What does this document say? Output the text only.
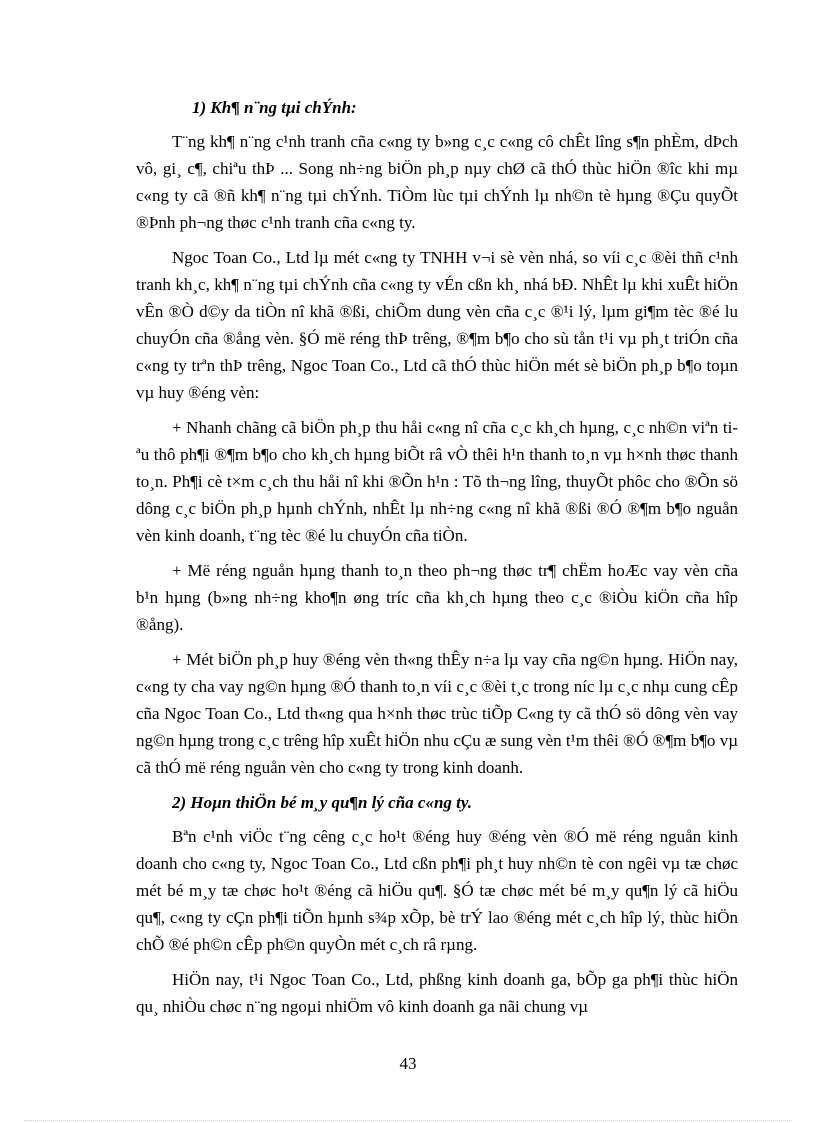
1) Kh¶ n¨ng tµi chÝnh:

T¨ng kh¶ n¨ng c¹nh tranh cña c«ng ty b»ng c¸c c«ng cô chÊt lîng s¶n phÈm, dÞch vô, gi¸ c¶, chiªu thÞ ... Song nh÷ng biÖn ph¸p nµy chØ cã thÓ thùc hiÖn ®îc khi mµ c«ng ty cã ®ñ kh¶ n¨ng tµi chÝnh. TiÒm lùc tµi chÝnh lµ nh©n tè hµng ®Çu quyÕt ®Þnh ph¬ng thøc c¹nh tranh cña c«ng ty.

Ngoc Toan Co., Ltd lµ mét c«ng ty TNHH v¬i sè vèn nhá, so víi c¸c ®èi thñ c¹nh tranh kh¸c, kh¶ n¨ng tµi chÝnh cña c«ng ty vÉn cßn kh¸ nhá bÐ. NhÊt lµ khi xuÊt hiÖn vÊn ®Ò d©y da tiÒn nî khã ®ßi, chiÕm dung vèn cña c¸c ®¹i lý, lµm gi¶m tèc ®é lu chuyÓn cña ®ång vèn. §Ó më réng thÞ trêng, ®¶m b¶o cho sù tån t¹i vµ ph¸t triÓn cña c«ng ty trªn thÞ trêng, Ngoc Toan Co., Ltd cã thÓ thùc hiÖn mét sè biÖn ph¸p b¶o toµn vµ huy ®éng vèn:

+ Nhanh chãng cã biÖn ph¸p thu håi c«ng nî cña c¸c kh¸ch hµng, c¸c nh©n viªn tiªu thô ph¶i ®¶m b¶o cho kh¸ch hµng biÕt râ vÒ thêi h¹n thanh to¸n vµ h×nh thøc thanh to¸n. Ph¶i cè t×m c¸ch thu håi nî khi ®Õn h¹n : Tõ th¬ng lîng, thuyÕt phôc cho ®Õn sö dông c¸c biÖn ph¸p hµnh chÝnh, nhÊt lµ nh÷ng c«ng nî khã ®ßi ®Ó ®¶m b¶o nguån vèn kinh doanh, t¨ng tèc ®é lu chuyÓn cña tiÒn.

+ Më réng nguån hµng thanh to¸n theo ph¬ng thøc tr¶ chËm hoÆc vay vèn cña b¹n hµng (b»ng nh÷ng kho¶n øng tríc cña kh¸ch hµng theo c¸c ®iÒu kiÖn cña hîp ®ång).

+ Mét biÖn ph¸p huy ®éng vèn th«ng thÊy n÷a lµ vay cña ng©n hµng. HiÖn nay, c«ng ty cha vay ng©n hµng ®Ó thanh to¸n víi c¸c ®èi t¸c trong níc lµ c¸c nhµ cung cÊp cña Ngoc Toan Co., Ltd th«ng qua h×nh thøc trùc tiÕp C«ng ty cã thÓ sö dông vèn vay ng©n hµng trong c¸c trêng hîp xuÊt hiÖn nhu cÇu æ sung vèn t¹m thêi ®Ó ®¶m b¶o vµ cã thÓ më réng nguån vèn cho c«ng ty trong kinh doanh.

2) Hoµn thiÖn bé m¸y qu¶n lý cña c«ng ty.

Bªn c¹nh viÖc t¨ng cêng c¸c ho¹t ®éng huy ®éng vèn ®Ó më réng nguån kinh doanh cho c«ng ty, Ngoc Toan Co., Ltd cßn ph¶i ph¸t huy nh©n tè con ngêi vµ tæ chøc mét bé m¸y tæ chøc ho¹t ®éng cã hiÖu qu¶. §Ó tæ chøc mét bé m¸y qu¶n lý cã hiÖu qu¶, c«ng ty cÇn ph¶i tiÕn hµnh s¾p xÕp, bè trÝ lao ®éng mét c¸ch hîp lý, thùc hiÖn chÕ ®é ph©n cÊp ph©n quyÒn mét c¸ch râ rµng.

HiÖn nay, t¹i Ngoc Toan Co., Ltd, phßng kinh doanh ga, bÕp ga ph¶i thùc hiÖn qu¸ nhiÒu chøc n¨ng ngoµi nhiÖm vô kinh doanh ga nãi chung vµ

43
